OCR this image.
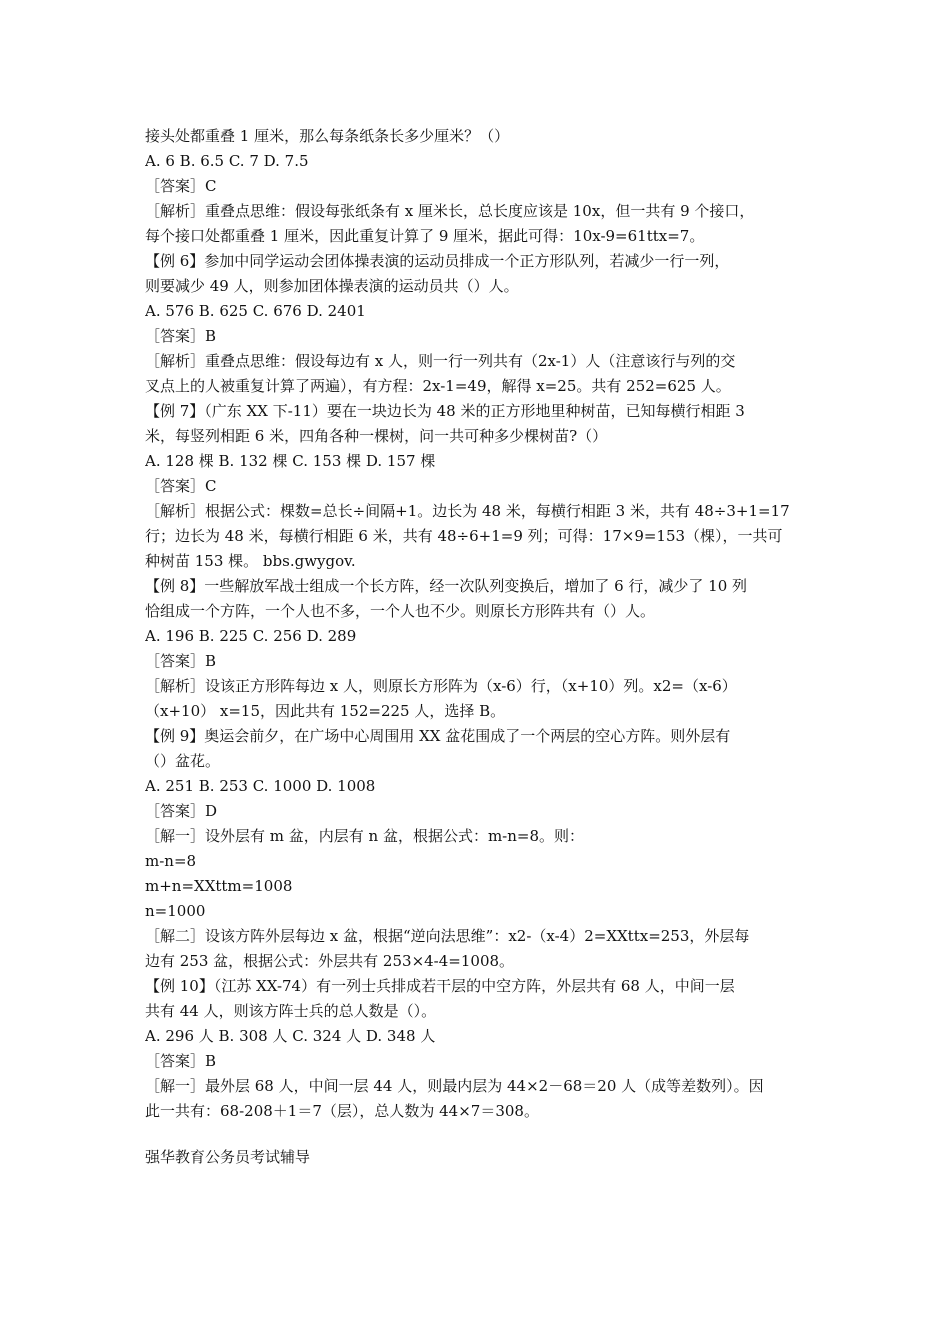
接头处都重叠 1 厘米，那么每条纸条长多少厘米？（）
A. 6 B. 6.5 C. 7 D. 7.5
［答案］C
［解析］重叠点思维：假设每张纸条有 x 厘米长，总长度应该是 10x，但一共有 9 个接口，
每个接口处都重叠 1 厘米，因此重复计算了 9 厘米，据此可得：10x-9=61ttx=7。
【例 6】参加中同学运动会团体操表演的运动员排成一个正方形队列，若减少一行一列，
则要减少 49 人，则参加团体操表演的运动员共（）人。
A. 576 B. 625 C. 676 D. 2401
［答案］B
［解析］重叠点思维：假设每边有 x 人，则一行一列共有（2x-1）人（注意该行与列的交
叉点上的人被重复计算了两遍），有方程：2x-1=49，解得 x=25。共有 252=625 人。
【例 7】（广东 XX 下-11）要在一块边长为 48 米的正方形地里种树苗，已知每横行相距 3
米，每竖列相距 6 米，四角各种一棵树，问一共可种多少棵树苗?（）
A. 128 棵 B. 132 棵 C. 153 棵 D. 157 棵
［答案］C
［解析］根据公式：棵数=总长÷间隔+1。边长为 48 米，每横行相距 3 米，共有 48÷3+1=17
行；边长为 48 米，每横行相距 6 米，共有 48÷6+1=9 列；可得：17×9=153（棵），一共可
种树苗 153 棵。 bbs.gwygov.
【例 8】一些解放军战士组成一个长方阵，经一次队列变换后，增加了 6 行，减少了 10 列
恰组成一个方阵，一个人也不多，一个人也不少。则原长方形阵共有（）人。
A. 196 B. 225 C. 256 D. 289
［答案］B
［解析］设该正方形阵每边 x 人，则原长方形阵为（x-6）行，（x+10）列。x2=（x-6）
（x+10） x=15，因此共有 152=225 人，选择 B。
【例 9】奥运会前夕，在广场中心周围用 XX 盆花围成了一个两层的空心方阵。则外层有
（）盆花。
A. 251 B. 253 C. 1000 D. 1008
［答案］D
［解一］设外层有 m 盆，内层有 n 盆，根据公式：m-n=8。则：
m-n=8
m+n=XXttm=1008
n=1000
［解二］设该方阵外层每边 x 盆，根据“逆向法思维”：x2-（x-4）2=XXttx=253，外层每
边有 253 盆，根据公式：外层共有 253×4-4=1008。
【例 10】（江苏 XX-74）有一列士兵排成若干层的中空方阵，外层共有 68 人，中间一层
共有 44 人，则该方阵士兵的总人数是（）。
A. 296 人 B. 308 人 C. 324 人 D. 348 人
［答案］B
［解一］最外层 68 人，中间一层 44 人，则最内层为 44×2－68＝20 人（成等差数列）。因
此一共有：68-208＋1＝7（层），总人数为 44×7＝308。
强华教育公务员考试辅导
